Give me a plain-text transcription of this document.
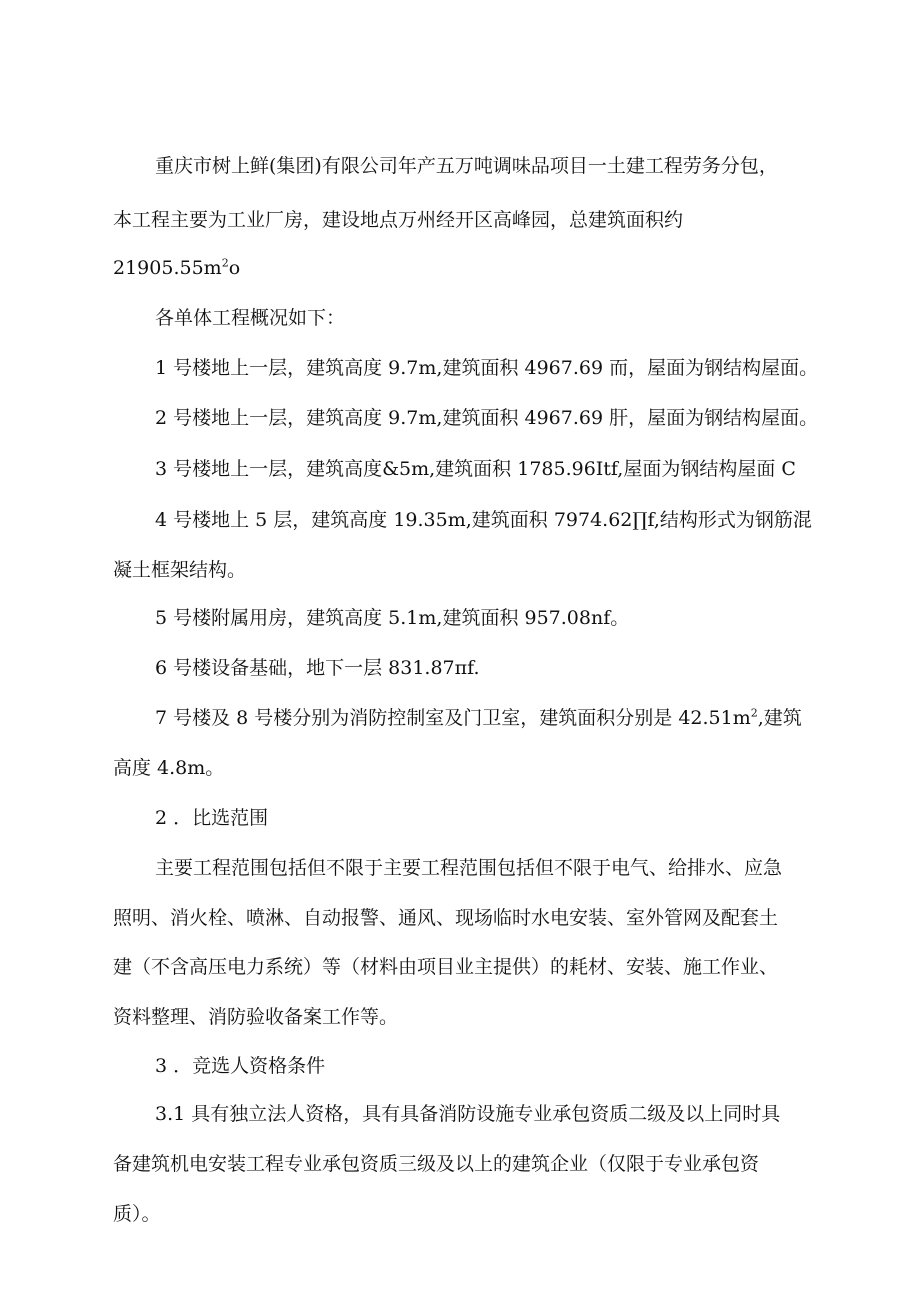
重庆市树上鲜(集团)有限公司年产五万吨调味品项目一土建工程劳务分包，
本工程主要为工业厂房，建设地点万州经开区高峰园，总建筑面积约
$21905.55m^2o$
各单体工程概况如下：
1 号楼地上一层，建筑高度 9.7m,建筑面积 4967.69 而，屋面为钢结构屋面。
2 号楼地上一层，建筑高度 9.7m,建筑面积 4967.69 肝，屋面为钢结构屋面。
3 号楼地上一层，建筑高度&5m,建筑面积 1785.96Itf,屋面为钢结构屋面 C
4 号楼地上 5 层，建筑高度 19.35m,建筑面积 7974.62∏f,结构形式为钢筋混
凝土框架结构。
5 号楼附属用房，建筑高度 5.1m,建筑面积 957.08nf。
6 号楼设备基础，地下一层 831.87πf.
7 号楼及 8 号楼分别为消防控制室及门卫室，建筑面积分别是 $42.51m^2$,建筑
高度 4.8m。
2 ．比选范围
主要工程范围包括但不限于主要工程范围包括但不限于电气、给排水、应急
照明、消火栓、喷淋、自动报警、通风、现场临时水电安装、室外管网及配套土
建（不含高压电力系统）等（材料由项目业主提供）的耗材、安装、施工作业、
资料整理、消防验收备案工作等。
3 ．竞选人资格条件
3.1 具有独立法人资格，具有具备消防设施专业承包资质二级及以上同时具
备建筑机电安装工程专业承包资质三级及以上的建筑企业（仅限于专业承包资
质）。
